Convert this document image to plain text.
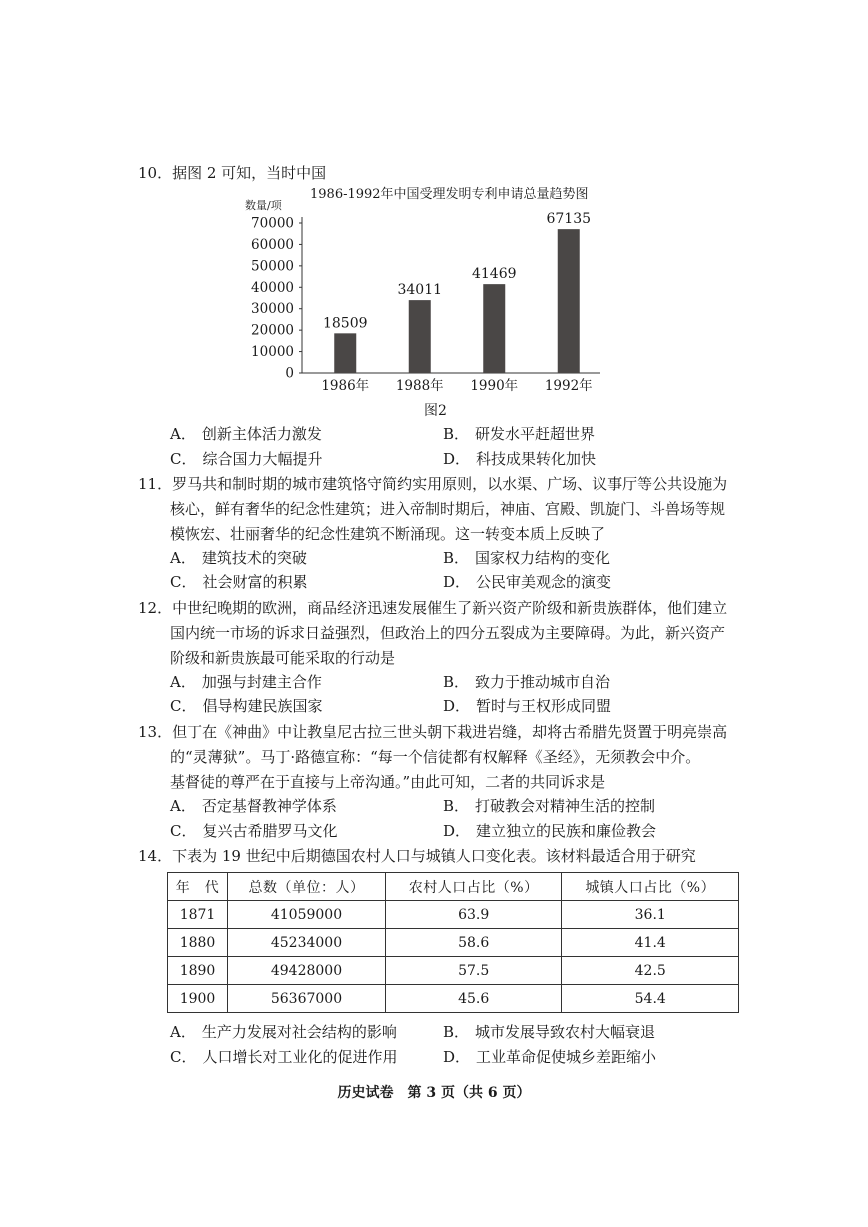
10．据图 2 可知，当时中国
1986-1992年中国受理发明专利申请总量趋势图
数量/项
0
10000
20000
30000
40000
50000
60000
70000
18509
34011
41469
67135
1986年 1988年 1990年 1992年
图2
A． 创新主体活力激发	B． 研发水平赶超世界
C． 综合国力大幅提升	D． 科技成果转化加快
11．罗马共和制时期的城市建筑恪守简约实用原则，以水渠、广场、议事厅等公共设施为
核心，鲜有奢华的纪念性建筑；进入帝制时期后，神庙、宫殿、凯旋门、斗兽场等规
模恢宏、壮丽奢华的纪念性建筑不断涌现。这一转变本质上反映了
A． 建筑技术的突破	B． 国家权力结构的变化
C． 社会财富的积累	D． 公民审美观念的演变
12．中世纪晚期的欧洲，商品经济迅速发展催生了新兴资产阶级和新贵族群体，他们建立
国内统一市场的诉求日益强烈，但政治上的四分五裂成为主要障碍。为此，新兴资产
阶级和新贵族最可能采取的行动是
A． 加强与封建主合作	B． 致力于推动城市自治
C． 倡导构建民族国家	D． 暂时与王权形成同盟
13．但丁在《神曲》中让教皇尼古拉三世头朝下栽进岩缝，却将古希腊先贤置于明亮崇高
的“灵薄狱”。马丁·路德宣称：“每一个信徒都有权解释《圣经》，无须教会中介。
基督徒的尊严在于直接与上帝沟通。”由此可知，二者的共同诉求是
A． 否定基督教神学体系	B． 打破教会对精神生活的控制
C． 复兴古希腊罗马文化	D． 建立独立的民族和廉俭教会
14．下表为 19 世纪中后期德国农村人口与城镇人口变化表。该材料最适合用于研究
年　代	总数（单位：人）	农村人口占比（%）	城镇人口占比（%）
1871	41059000	63.9	36.1
1880	45234000	58.6	41.4
1890	49428000	57.5	42.5
1900	56367000	45.6	54.4
A． 生产力发展对社会结构的影响	B． 城市发展导致农村大幅衰退
C． 人口增长对工业化的促进作用	D． 工业革命促使城乡差距缩小
历史试卷　第 3 页（共 6 页）
